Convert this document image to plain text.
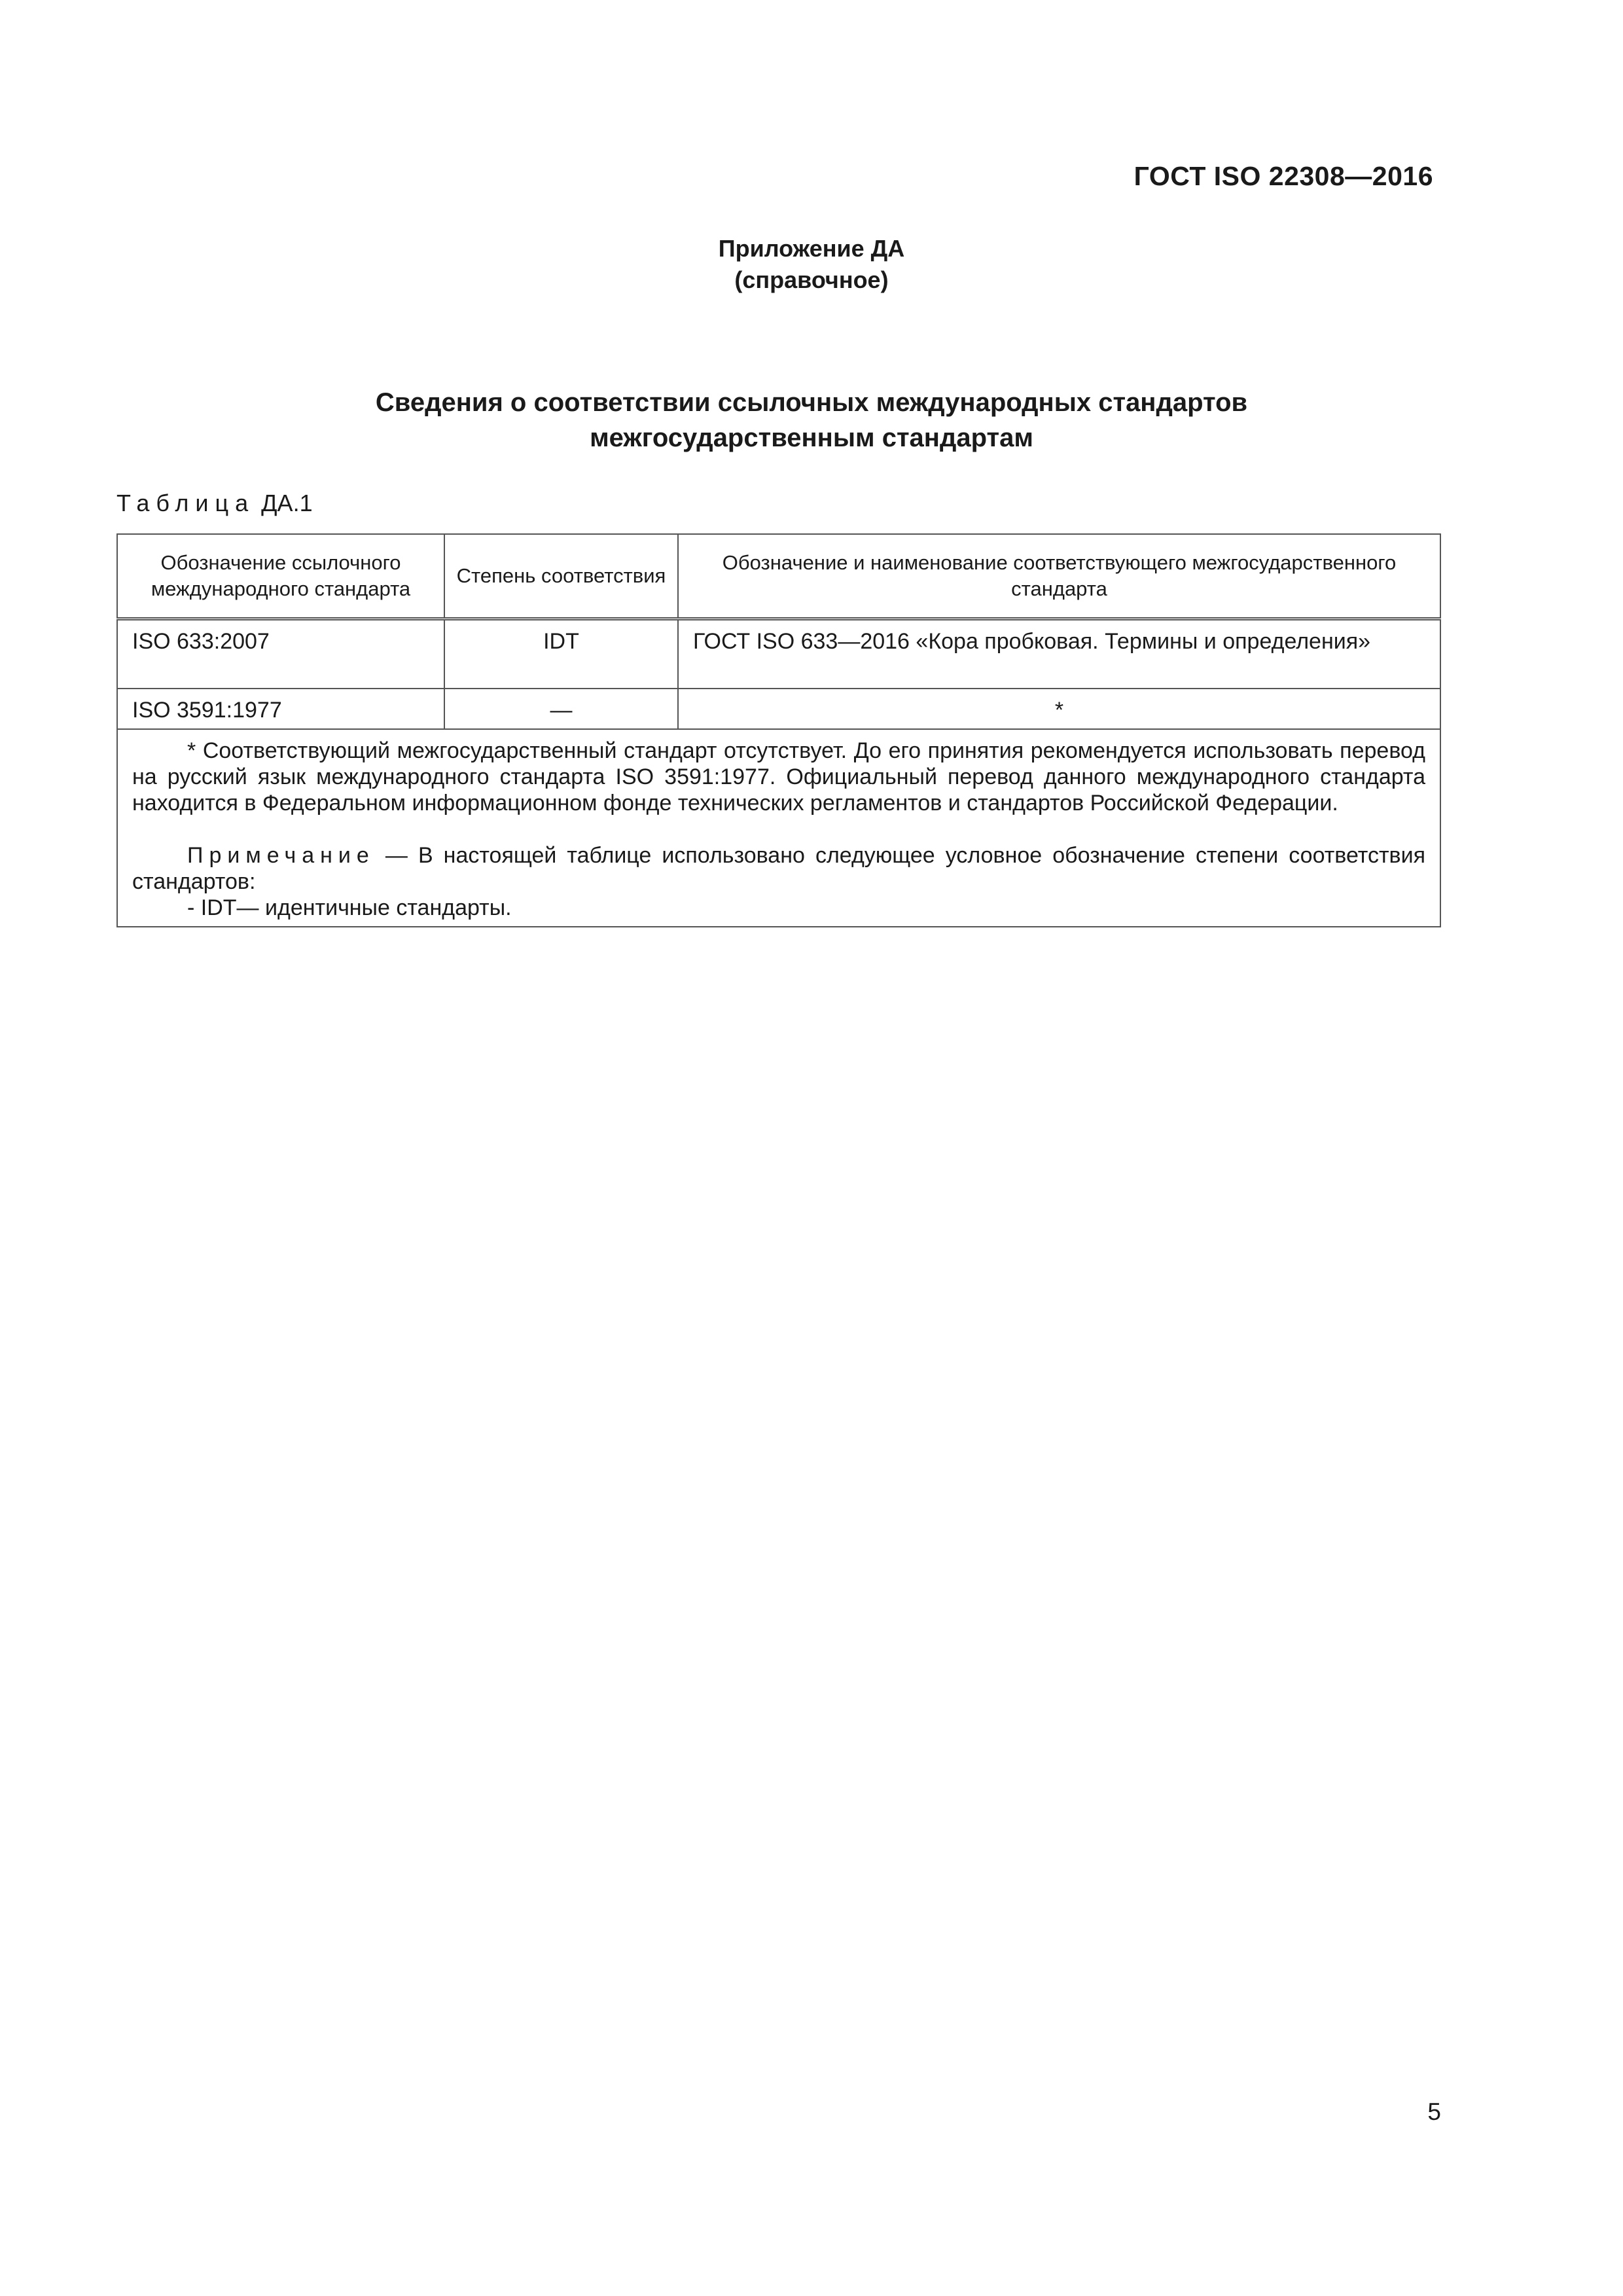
ГОСТ ISO 22308—2016
Приложение ДА
(справочное)
Сведения о соответствии ссылочных международных стандартов
межгосударственным стандартам
Таблица ДА.1
Обозначение ссылочного международного стандарта	Степень соответствия	Обозначение и наименование соответствующего межгосударственного стандарта
ISO 633:2007	IDT	ГОСТ ISO 633—2016 «Кора пробковая. Термины и определения»
ISO 3591:1977	—	*

* Соответствующий межгосударственный стандарт отсутствует. До его принятия рекомендуется использовать перевод на русский язык международного стандарта ISO 3591:1977. Официальный перевод данного международного стандарта находится в Федеральном информационном фонде технических регламентов и стандартов Российской Федерации.

Примечание — В настоящей таблице использовано следующее условное обозначение степени соответствия стандартов:

- IDT— идентичные стандарты.		

5
